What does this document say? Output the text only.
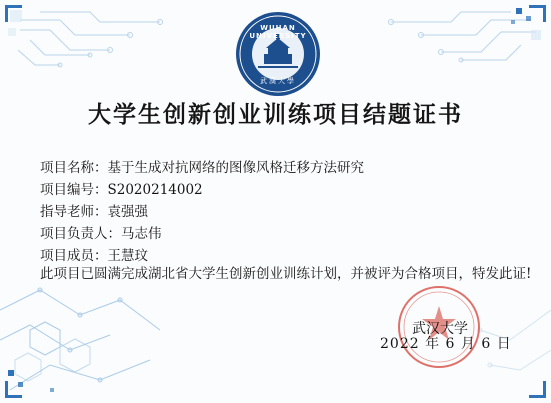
WUHAN UNIVERSITY
武漢大學
大学生创新创业训练项目结题证书
项目名称：基于生成对抗网络的图像风格迁移方法研究
项目编号：S2020214002
指导老师：袁强强
项目负责人：马志伟
项目成员：王慧玟
此项目已圆满完成湖北省大学生创新创业训练计划，并被评为合格项目，特发此证!
武汉大学
2022 年 6 月 6 日
